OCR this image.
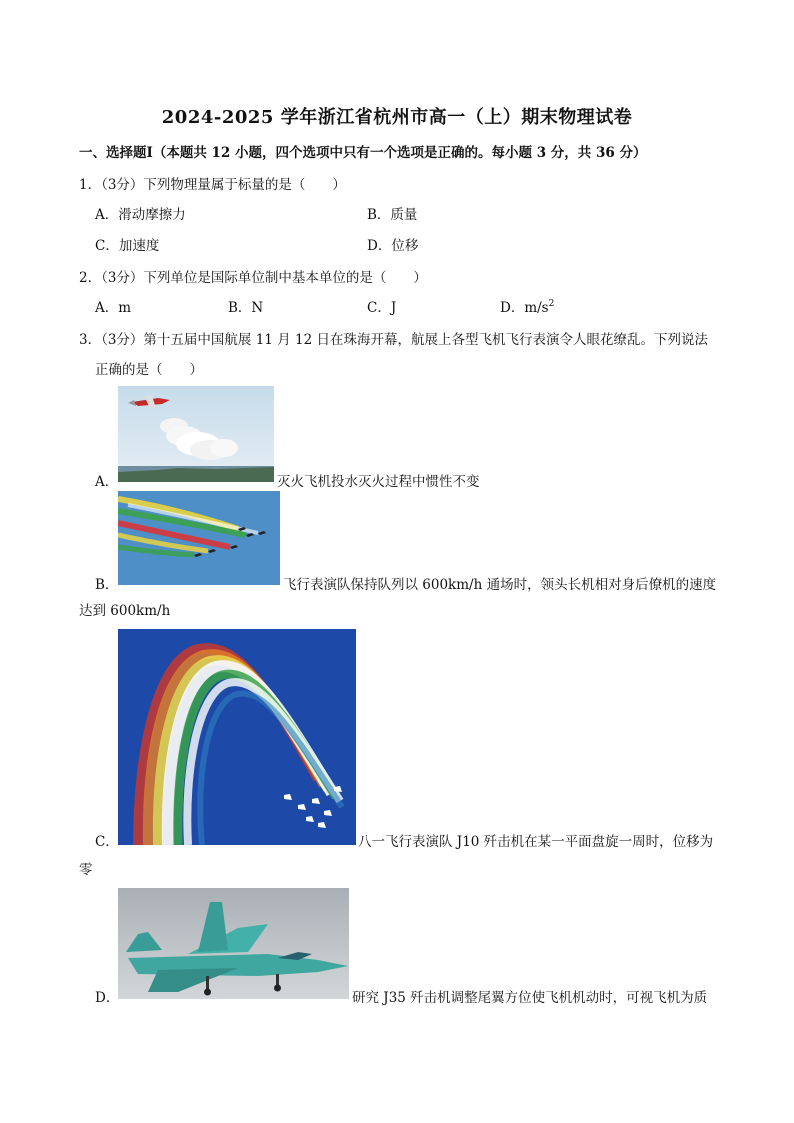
2024-2025 学年浙江省杭州市高一（上）期末物理试卷
一、选择题Ⅰ（本题共 12 小题，四个选项中只有一个选项是正确的。每小题 3 分，共 36 分）
1．（3分）下列物理量属于标量的是（　　）
A．滑动摩擦力	B．质量
C．加速度	D．位移
2．（3分）下列单位是国际单位制中基本单位的是（　　）
A．m	B．N	C．J	D．$m/s^2$
3．（3分）第十五届中国航展 11 月 12 日在珠海开幕，航展上各型飞机飞行表演令人眼花缭乱。下列说法
正确的是（　　）
A．	灭火飞机投水灭火过程中惯性不变
B．	飞行表演队保持队列以 600km/h 通场时，领头长机相对身后僚机的速度
达到 600km/h
C．	八一飞行表演队 J10 歼击机在某一平面盘旋一周时，位移为
零
D．	研究 J35 歼击机调整尾翼方位使飞机机动时，可视飞机为质
